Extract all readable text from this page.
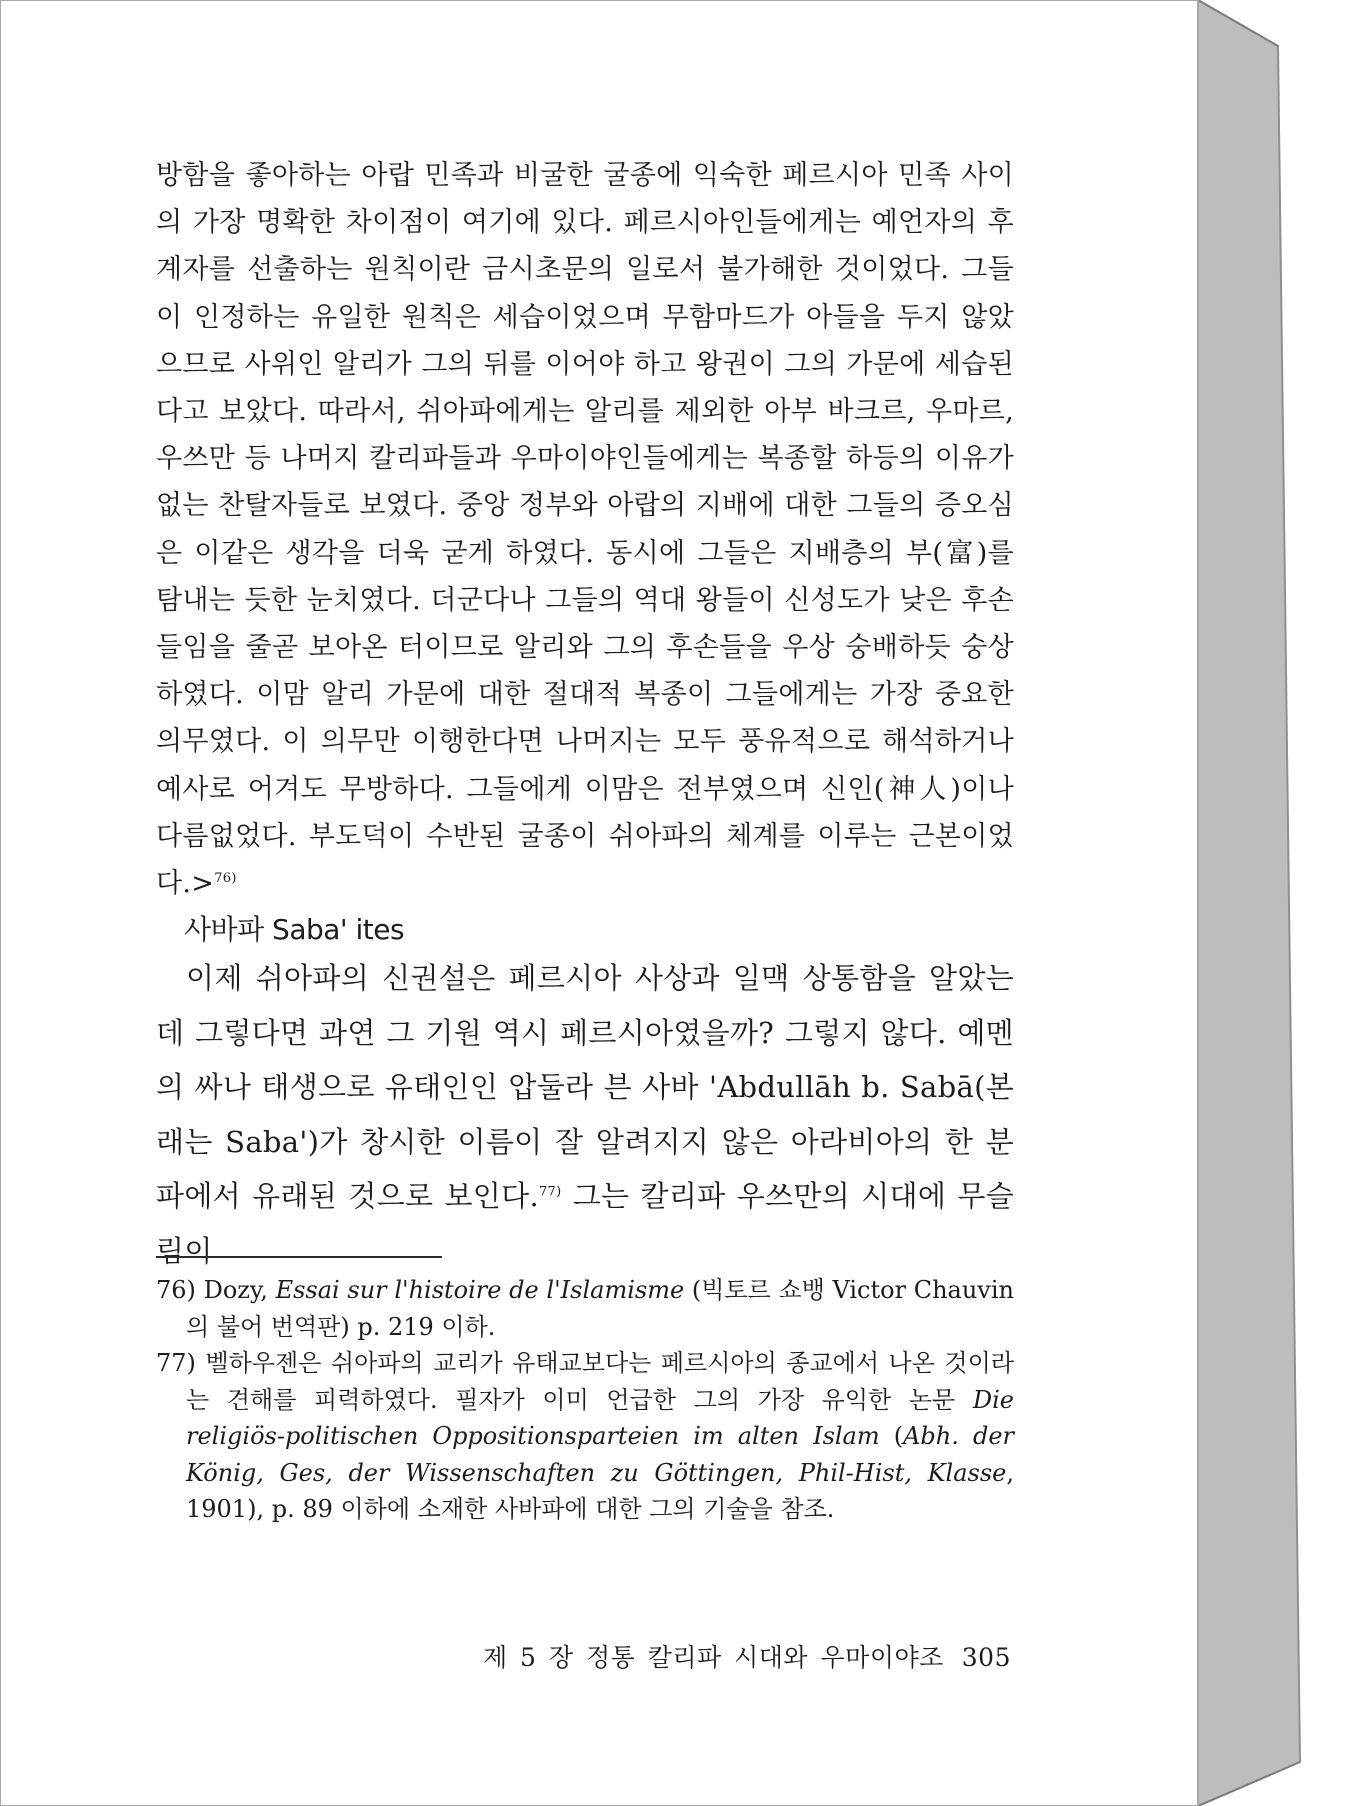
방함을 좋아하는 아랍 민족과 비굴한 굴종에 익숙한 페르시아 민족 사이의 가장 명확한 차이점이 여기에 있다. 페르시아인들에게는 예언자의 후계자를 선출하는 원칙이란 금시초문의 일로서 불가해한 것이었다. 그들이 인정하는 유일한 원칙은 세습이었으며 무함마드가 아들을 두지 않았으므로 사위인 알리가 그의 뒤를 이어야 하고 왕권이 그의 가문에 세습된다고 보았다. 따라서, 쉬아파에게는 알리를 제외한 아부 바크르, 우마르, 우쓰만 등 나머지 칼리파들과 우마이야인들에게는 복종할 하등의 이유가 없는 찬탈자들로 보였다. 중앙 정부와 아랍의 지배에 대한 그들의 증오심은 이같은 생각을 더욱 굳게 하였다. 동시에 그들은 지배층의 부(富)를 탐내는 듯한 눈치였다. 더군다나 그들의 역대 왕들이 신성도가 낮은 후손들임을 줄곧 보아온 터이므로 알리와 그의 후손들을 우상 숭배하듯 숭상하였다. 이맘 알리 가문에 대한 절대적 복종이 그들에게는 가장 중요한 의무였다. 이 의무만 이행한다면 나머지는 모두 풍유적으로 해석하거나 예사로 어겨도 무방하다. 그들에게 이맘은 전부였으며 신인(神人)이나 다름없었다. 부도덕이 수반된 굴종이 쉬아파의 체계를 이루는 근본이었다.>$^{76)}$

사바파 Saba' ites

이제 쉬아파의 신권설은 페르시아 사상과 일맥 상통함을 알았는데 그렇다면 과연 그 기원 역시 페르시아였을까? 그렇지 않다. 예멘의 싸나 태생으로 유태인인 압둘라 븐 사바 'Abdullāh b. Sabā(본래는 Saba')가 창시한 이름이 잘 알려지지 않은 아라비아의 한 분파에서 유래된 것으로 보인다.$^{77)}$ 그는 칼리파 우쓰만의 시대에 무슬림이

76) Dozy, Essai sur l'histoire de l'Islamisme (빅토르 쇼뱅 Victor Chauvin의 불어 번역판) p. 219 이하.
77) 벨하우젠은 쉬아파의 교리가 유태교보다는 페르시아의 종교에서 나온 것이라는 견해를 피력하였다. 필자가 이미 언급한 그의 가장 유익한 논문 Die religiös-politischen Oppositionsparteien im alten Islam (Abh. der König, Ges, der Wissenschaften zu Göttingen, Phil-Hist, Klasse, 1901), p. 89 이하에 소재한 사바파에 대한 그의 기술을 참조.
제 5 장 정통 칼리파 시대와 우마이야조 305
